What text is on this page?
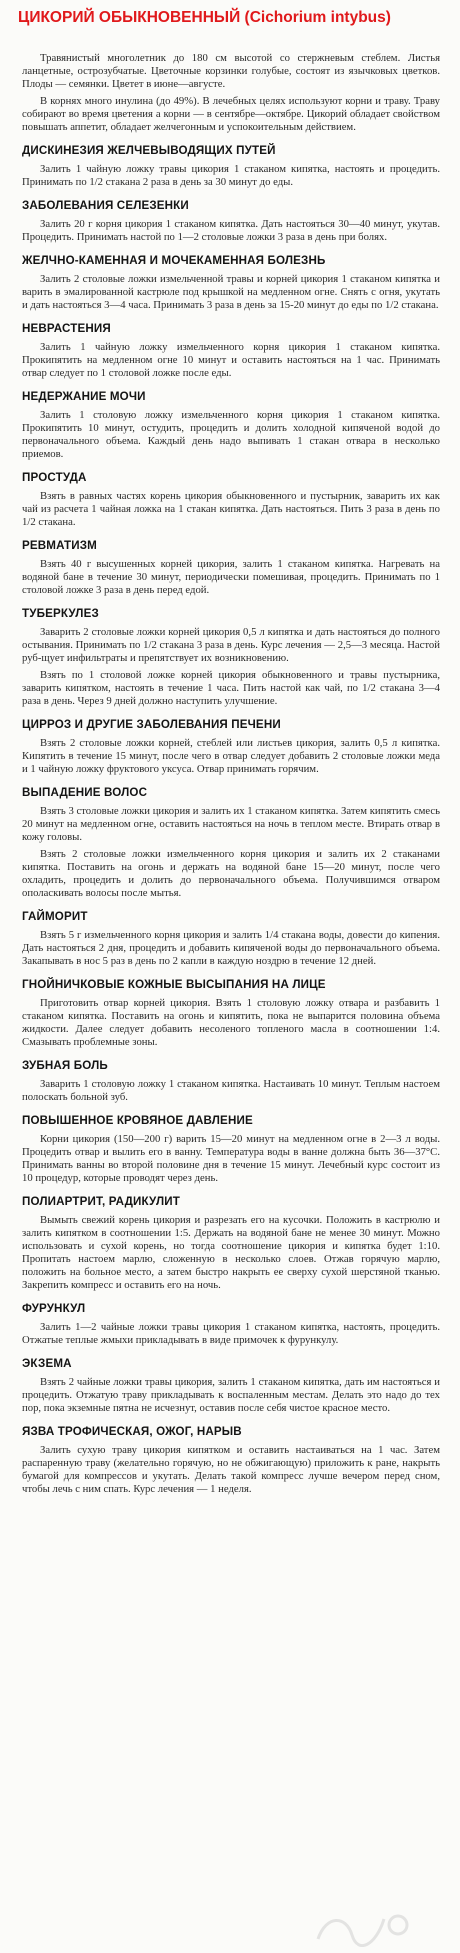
ЦИКОРИЙ ОБЫКНОВЕННЫЙ (Cichorium intybus)

Травянистый многолетник до 180 см высотой со стержневым стеблем. Листья ланцетные, острозубчатые. Цветочные корзинки голубые, состоят из язычковых цветков. Плоды — семянки. Цветет в июне—августе.

В корнях много инулина (до 49%). В лечебных целях используют корни и траву. Траву собирают во время цветения а корни — в сентябре—октябре. Цикорий обладает свойством повышать аппетит, обладает желчегонным и успокоительным действием.

ДИСКИНЕЗИЯ ЖЕЛЧЕВЫВОДЯЩИХ ПУТЕЙ

Залить 1 чайную ложку травы цикория 1 стаканом кипятка, настоять и процедить. Принимать по 1/2 стакана 2 раза в день за 30 минут до еды.

ЗАБОЛЕВАНИЯ СЕЛЕЗЕНКИ

Залить 20 г корня цикория 1 стаканом кипятка. Дать настояться 30—40 минут, укутав. Процедить. Принимать настой по 1—2 столовые ложки 3 раза в день при болях.

ЖЕЛЧНО-КАМЕННАЯ И МОЧЕКАМЕННАЯ БОЛЕЗНЬ

Залить 2 столовые ложки измельченной травы и корней цикория 1 стаканом кипятка и варить в эмалированной кастрюле под крышкой на медленном огне. Снять с огня, укутать и дать настояться 3—4 часа. Принимать 3 раза в день за 15-20 минут до еды по 1/2 стакана.

НЕВРАСТЕНИЯ

Залить 1 чайную ложку измельченного корня цикория 1 стаканом кипятка. Прокипятить на медленном огне 10 минут и оставить настояться на 1 час. Принимать отвар следует по 1 столовой ложке после еды.

НЕДЕРЖАНИЕ МОЧИ

Залить 1 столовую ложку измельченного корня цикория 1 стаканом кипятка. Прокипятить 10 минут, остудить, процедить и долить холодной кипяченой водой до первоначального объема. Каждый день надо выпивать 1 стакан отвара в несколько приемов.

ПРОСТУДА

Взять в равных частях корень цикория обыкновенного и пустырник, заварить их как чай из расчета 1 чайная ложка на 1 стакан кипятка. Дать настояться. Пить 3 раза в день по 1/2 стакана.

РЕВМАТИЗМ

Взять 40 г высушенных корней цикория, залить 1 стаканом кипятка. Нагревать на водяной бане в течение 30 минут, периодически помешивая, процедить. Принимать по 1 столовой ложке 3 раза в день перед едой.

ТУБЕРКУЛЕЗ

Заварить 2 столовые ложки корней цикория 0,5 л кипятка и дать настояться до полного остывания. Принимать по 1/2 стакана 3 раза в день. Курс лечения — 2,5—3 месяца. Настой руб-щует инфильтраты и препятствует их возникновению.

Взять по 1 столовой ложке корней цикория обыкновенного и травы пустырника, заварить кипятком, настоять в течение 1 часа. Пить настой как чай, по 1/2 стакана 3—4 раза в день. Через 9 дней должно наступить улучшение.

ЦИРРОЗ И ДРУГИЕ ЗАБОЛЕВАНИЯ ПЕЧЕНИ

Взять 2 столовые ложки корней, стеблей или листьев цикория, залить 0,5 л кипятка. Кипятить в течение 15 минут, после чего в отвар следует добавить 2 столовые ложки меда и 1 чайную ложку фруктового уксуса. Отвар принимать горячим.

ВЫПАДЕНИЕ ВОЛОС

Взять 3 столовые ложки цикория и залить их 1 стаканом кипятка. Затем кипятить смесь 20 минут на медленном огне, оставить настояться на ночь в теплом месте. Втирать отвар в кожу головы.

Взять 2 столовые ложки измельченного корня цикория и залить их 2 стаканами кипятка. Поставить на огонь и держать на водяной бане 15—20 минут, после чего охладить, процедить и долить до первоначального объема. Получившимся отваром ополаскивать волосы после мытья.

ГАЙМОРИТ

Взять 5 г измельченного корня цикория и залить 1/4 стакана воды, довести до кипения. Дать настояться 2 дня, процедить и добавить кипяченой воды до первоначального объема. Закапывать в нос 5 раз в день по 2 капли в каждую ноздрю в течение 12 дней.

ГНОЙНИЧКОВЫЕ КОЖНЫЕ ВЫСЫПАНИЯ НА ЛИЦЕ

Приготовить отвар корней цикория. Взять 1 столовую ложку отвара и разбавить 1 стаканом кипятка. Поставить на огонь и кипятить, пока не выпарится половина объема жидкости. Далее следует добавить несоленого топленого масла в соотношении 1:4. Смазывать проблемные зоны.

ЗУБНАЯ БОЛЬ

Заварить 1 столовую ложку 1 стаканом кипятка. Настаивать 10 минут. Теплым настоем полоскать больной зуб.

ПОВЫШЕННОЕ КРОВЯНОЕ ДАВЛЕНИЕ

Корни цикория (150—200 г) варить 15—20 минут на медленном огне в 2—3 л воды. Процедить отвар и вылить его в ванну. Температура воды в ванне должна быть 36—37°С. Принимать ванны во второй половине дня в течение 15 минут. Лечебный курс состоит из 10 процедур, которые проводят через день.

ПОЛИАРТРИТ, РАДИКУЛИТ

Вымыть свежий корень цикория и разрезать его на кусочки. Положить в кастрюлю и залить кипятком в соотношении 1:5. Держать на водяной бане не менее 30 минут. Можно использовать и сухой корень, но тогда соотношение цикория и кипятка будет 1:10. Пропитать настоем марлю, сложенную в несколько слоев. Отжав горячую марлю, положить на больное место, а затем быстро накрыть ее сверху сухой шерстяной тканью. Закрепить компресс и оставить его на ночь.

ФУРУНКУЛ

Залить 1—2 чайные ложки травы цикория 1 стаканом кипятка, настоять, процедить. Отжатые теплые жмыхи прикладывать в виде примочек к фурункулу.

ЭКЗЕМА

Взять 2 чайные ложки травы цикория, залить 1 стаканом кипятка, дать им настояться и процедить. Отжатую траву прикладывать к воспаленным местам. Делать это надо до тех пор, пока экземные пятна не исчезнут, оставив после себя чистое красное место.

ЯЗВА ТРОФИЧЕСКАЯ, ОЖОГ, НАРЫВ

Залить сухую траву цикория кипятком и оставить настаиваться на 1 час. Затем распаренную траву (желательно горячую, но не обжигающую) приложить к ране, накрыть бумагой для компрессов и укутать. Делать такой компресс лучше вечером перед сном, чтобы лечь с ним спать. Курс лечения — 1 неделя.
